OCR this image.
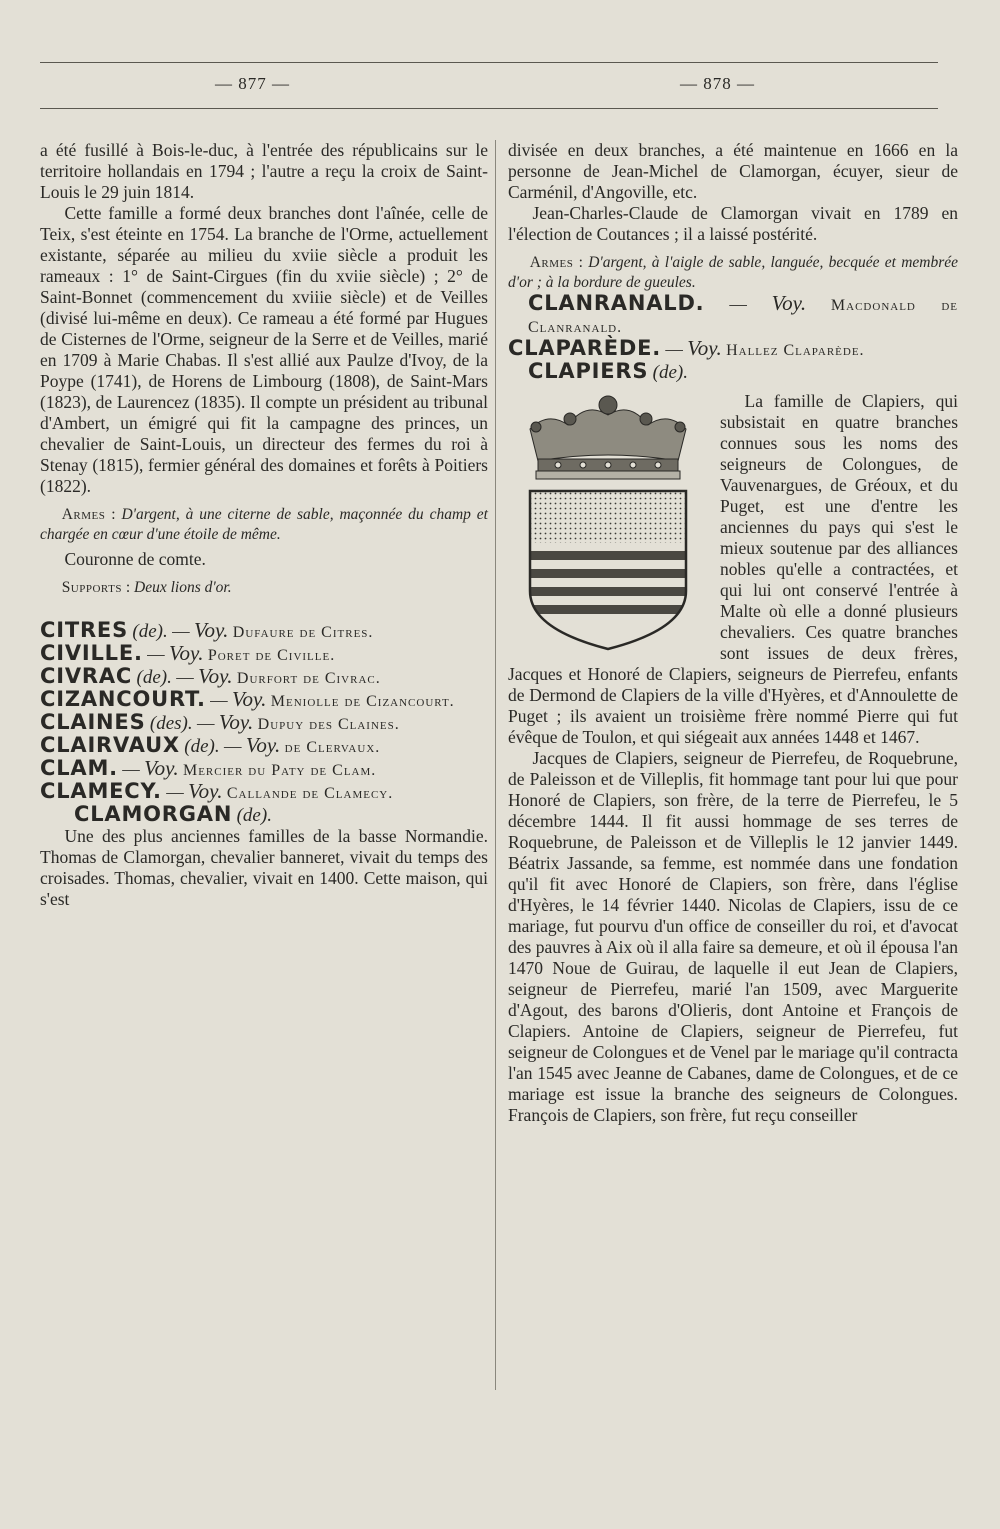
— 877 —	— 878 —

a été fusillé à Bois-le-duc, à l'entrée des républicains sur le territoire hollandais en 1794 ; l'autre a reçu la croix de Saint-Louis le 29 juin 1814.

Cette famille a formé deux branches dont l'aînée, celle de Teix, s'est éteinte en 1754. La branche de l'Orme, actuellement existante, séparée au milieu du xviie siècle a produit les rameaux : 1° de Saint-Cirgues (fin du xviie siècle) ; 2° de Saint-Bonnet (commencement du xviiie siècle) et de Veilles (divisé lui-même en deux). Ce rameau a été formé par Hugues de Cisternes de l'Orme, seigneur de la Serre et de Veilles, marié en 1709 à Marie Chabas. Il s'est allié aux Paulze d'Ivoy, de la Poype (1741), de Horens de Limbourg (1808), de Saint-Mars (1823), de Laurencez (1835). Il compte un président au tribunal d'Ambert, un émigré qui fit la campagne des princes, un chevalier de Saint-Louis, un directeur des fermes du roi à Stenay (1815), fermier général des domaines et forêts à Poitiers (1822).

Armes : D'argent, à une citerne de sable, maçonnée du champ et chargée en cœur d'une étoile de même.

Couronne de comte.

Supports : Deux lions d'or.

CITRES (de). — Voy. Dufaure de Citres.

CIVILLE. — Voy. Poret de Civille.

CIVRAC (de). — Voy. Durfort de Civrac.

CIZANCOURT. — Voy. Meniolle de Cizancourt.

CLAINES (des). — Voy. Dupuy des Claines.

CLAIRVAUX (de). — Voy. de Clervaux.

CLAM. — Voy. Mercier du Paty de Clam.

CLAMECY. — Voy. Callande de Clamecy.

CLAMORGAN (de).

Une des plus anciennes familles de la basse Normandie. Thomas de Clamorgan, chevalier banneret, vivait du temps des croisades. Thomas, chevalier, vivait en 1400. Cette maison, qui s'est

divisée en deux branches, a été maintenue en 1666 en la personne de Jean-Michel de Clamorgan, écuyer, sieur de Carménil, d'Angoville, etc.

Jean-Charles-Claude de Clamorgan vivait en 1789 en l'élection de Coutances ; il a laissé postérité.

Armes : D'argent, à l'aigle de sable, languée, becquée et membrée d'or ; à la bordure de gueules.

CLANRANALD. — Voy. Macdonald de Clanranald.

CLAPARÈDE. — Voy. Hallez Claparède.

CLAPIERS (de).

La famille de Clapiers, qui subsistait en quatre branches connues sous les noms des seigneurs de Colongues, de Vauvenargues, de Gréoux, et du Puget, est une d'entre les anciennes du pays qui s'est le mieux soutenue par des alliances nobles qu'elle a contractées, et qui lui ont conservé l'entrée à Malte où elle a donné plusieurs chevaliers. Ces quatre branches sont issues de deux frères, Jacques et Honoré de Clapiers, seigneurs de Pierrefeu, enfants de Dermond de Clapiers de la ville d'Hyères, et d'Annoulette de Puget ; ils avaient un troisième frère nommé Pierre qui fut évêque de Toulon, et qui siégeait aux années 1448 et 1467.

Jacques de Clapiers, seigneur de Pierrefeu, de Roquebrune, de Paleisson et de Villeplis, fit hommage tant pour lui que pour Honoré de Clapiers, son frère, de la terre de Pierrefeu, le 5 décembre 1444. Il fit aussi hommage de ses terres de Roquebrune, de Paleisson et de Villeplis le 12 janvier 1449. Béatrix Jassande, sa femme, est nommée dans une fondation qu'il fit avec Honoré de Clapiers, son frère, dans l'église d'Hyères, le 14 février 1440. Nicolas de Clapiers, issu de ce mariage, fut pourvu d'un office de conseiller du roi, et d'avocat des pauvres à Aix où il alla faire sa demeure, et où il épousa l'an 1470 Noue de Guirau, de laquelle il eut Jean de Clapiers, seigneur de Pierrefeu, marié l'an 1509, avec Marguerite d'Agout, des barons d'Olieris, dont Antoine et François de Clapiers. Antoine de Clapiers, seigneur de Pierrefeu, fut seigneur de Colongues et de Venel par le mariage qu'il contracta l'an 1545 avec Jeanne de Cabanes, dame de Colongues, et de ce mariage est issue la branche des seigneurs de Colongues. François de Clapiers, son frère, fut reçu conseiller
